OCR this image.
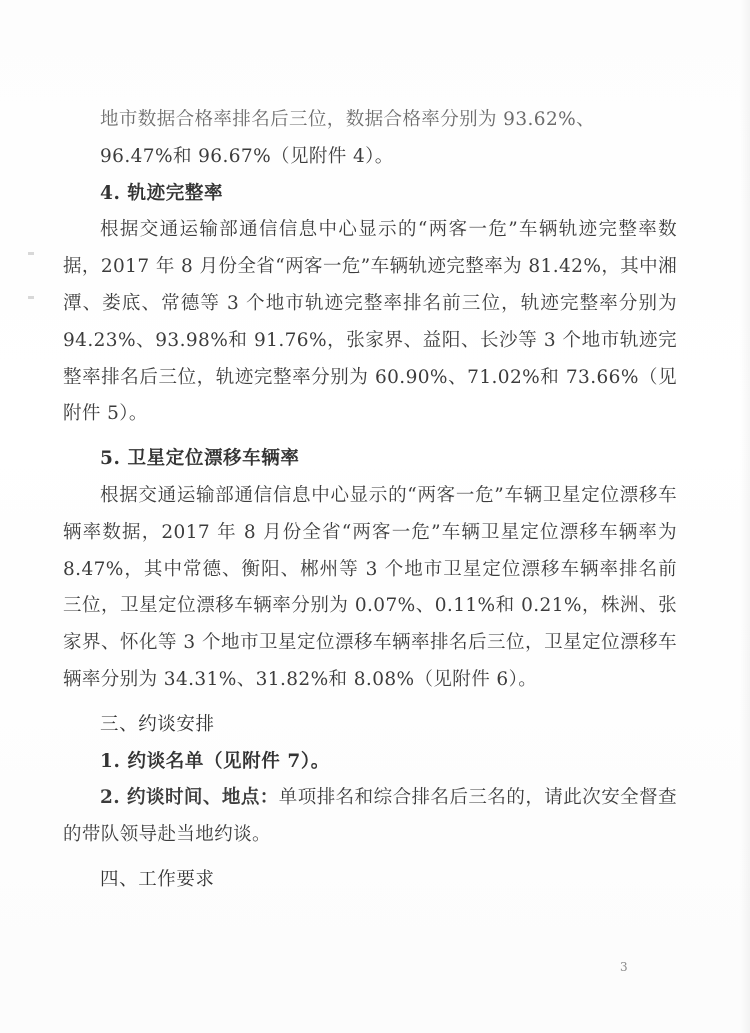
地市数据合格率排名后三位，数据合格率分别为 93.62%、

96.47%和 96.67%（见附件 4）。

4. 轨迹完整率

根据交通运输部通信信息中心显示的“两客一危”车辆轨迹完整率数据，2017 年 8 月份全省“两客一危”车辆轨迹完整率为 81.42%，其中湘潭、娄底、常德等 3 个地市轨迹完整率排名前三位，轨迹完整率分别为 94.23%、93.98%和 91.76%，张家界、益阳、长沙等 3 个地市轨迹完整率排名后三位，轨迹完整率分别为 60.90%、71.02%和 73.66%（见附件 5）。

5. 卫星定位漂移车辆率

根据交通运输部通信信息中心显示的“两客一危”车辆卫星定位漂移车辆率数据，2017 年 8 月份全省“两客一危”车辆卫星定位漂移车辆率为 8.47%，其中常德、衡阳、郴州等 3 个地市卫星定位漂移车辆率排名前三位，卫星定位漂移车辆率分别为 0.07%、0.11%和 0.21%，株洲、张家界、怀化等 3 个地市卫星定位漂移车辆率排名后三位，卫星定位漂移车辆率分别为 34.31%、31.82%和 8.08%（见附件 6）。

三、约谈安排

1. 约谈名单（见附件 7）。

2. 约谈时间、地点：单项排名和综合排名后三名的，请此次安全督查的带队领导赴当地约谈。

四、工作要求

3
